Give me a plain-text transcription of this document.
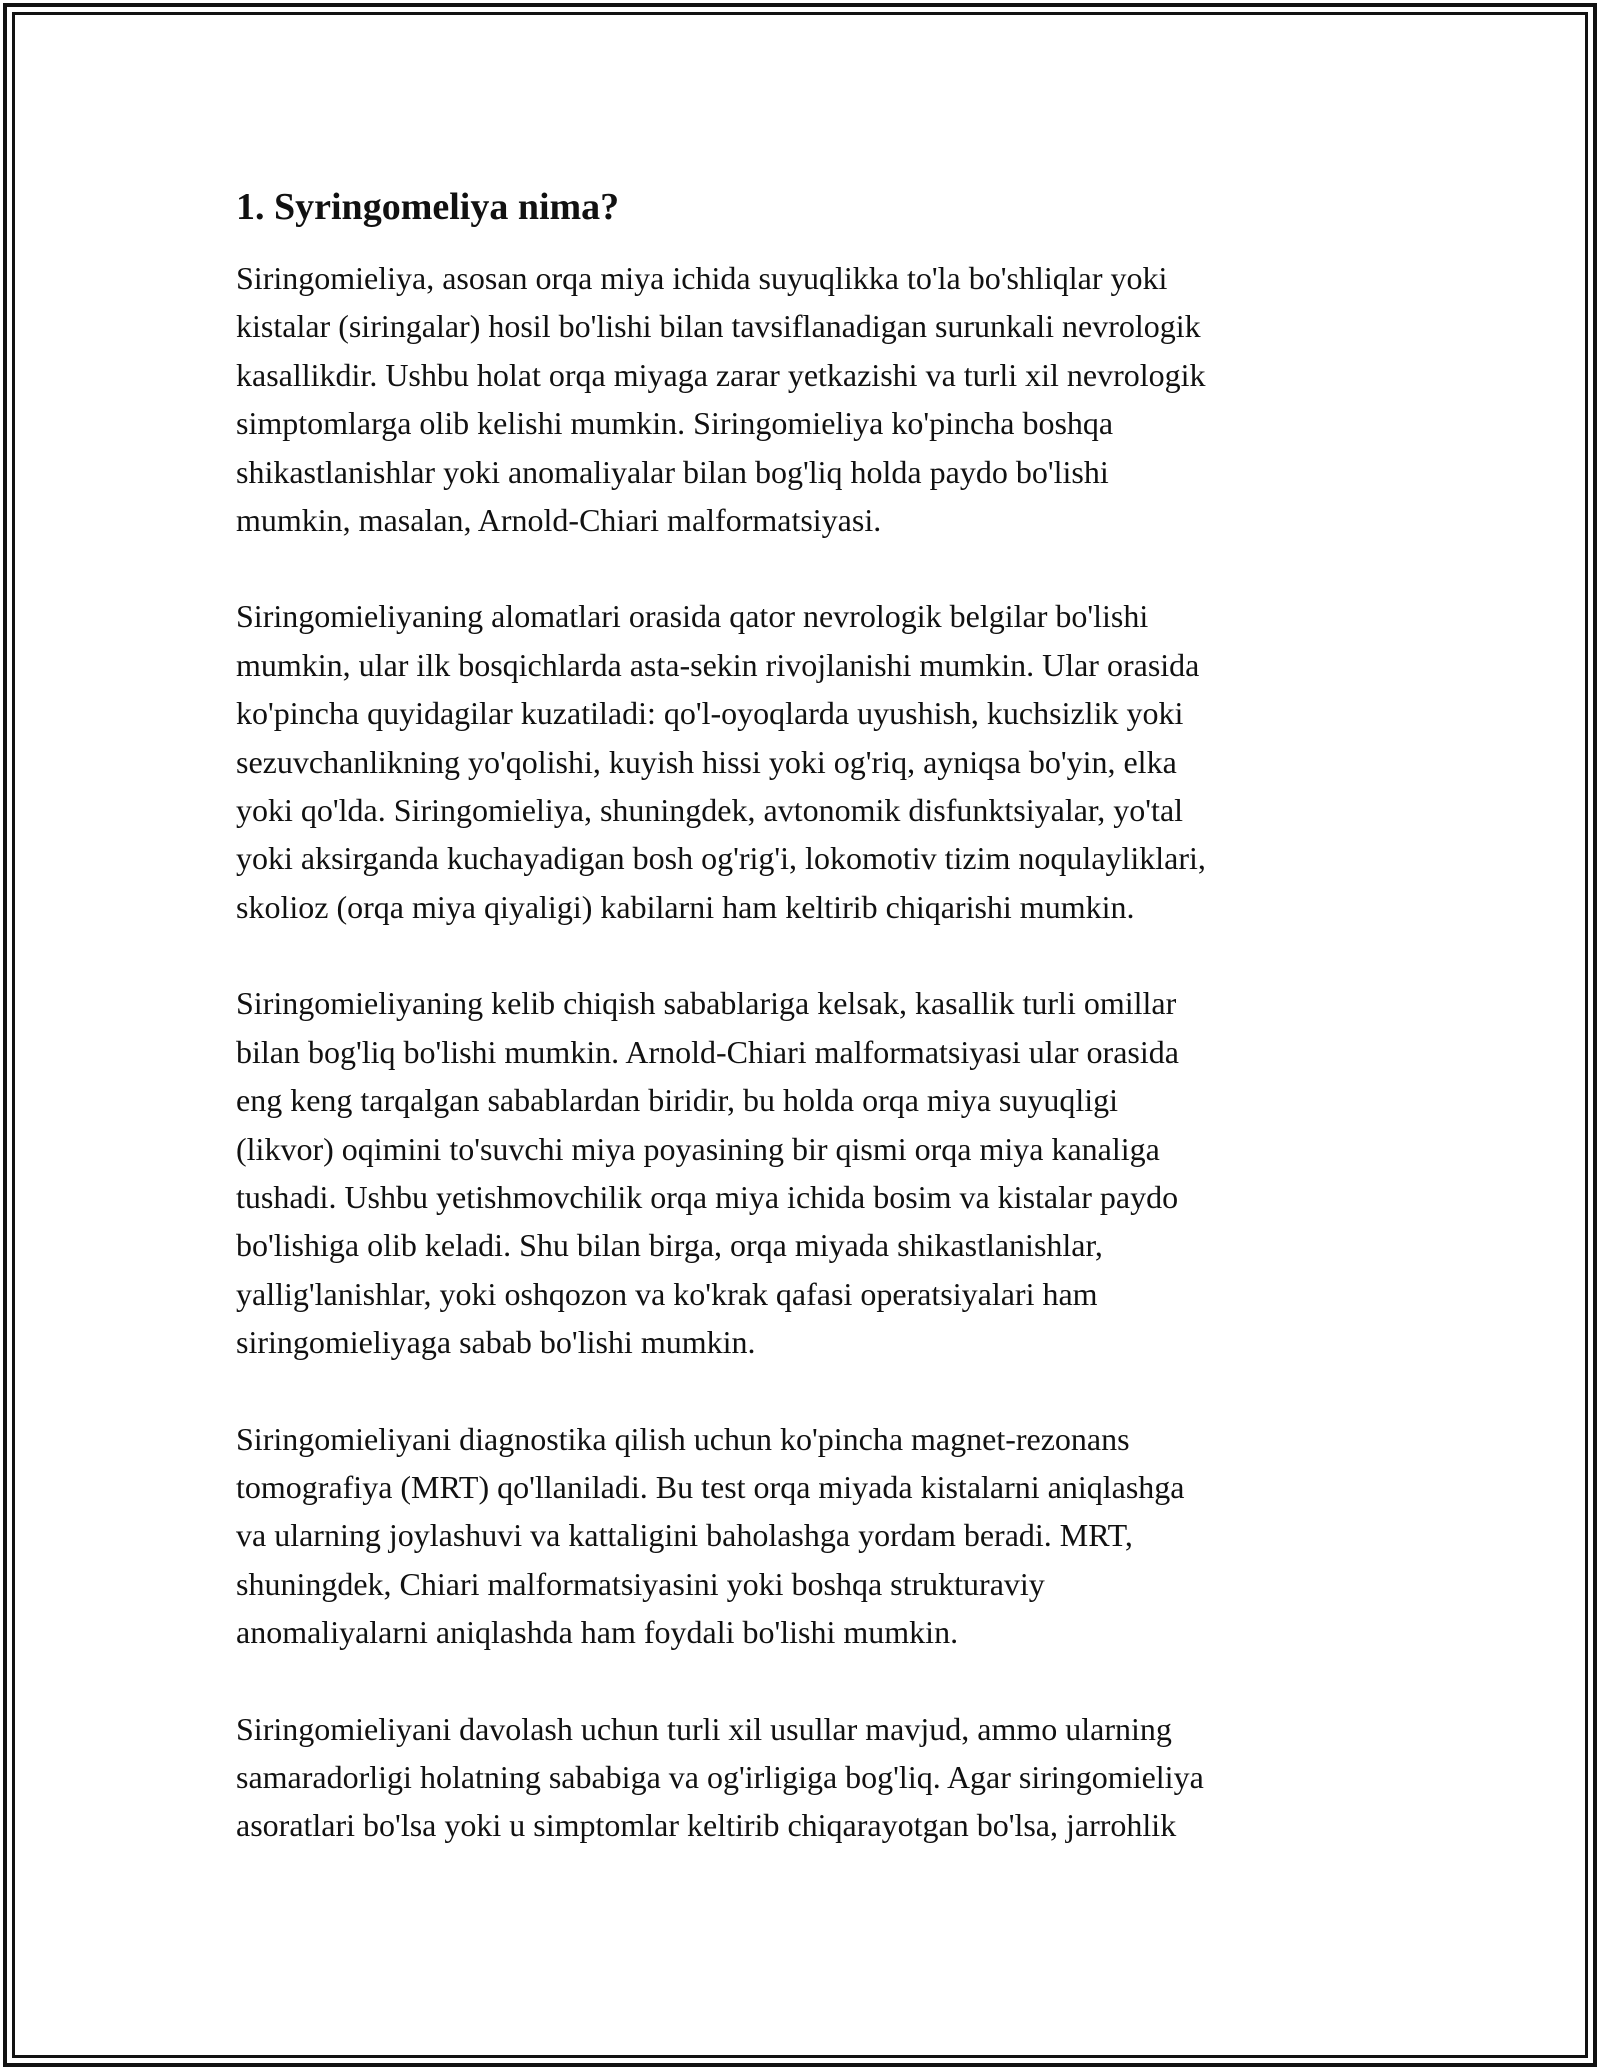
1. Syringomeliya nima?

Siringomieliya, asosan orqa miya ichida suyuqlikka to'la bo'shliqlar yoki
kistalar (siringalar) hosil bo'lishi bilan tavsiflanadigan surunkali nevrologik
kasallikdir. Ushbu holat orqa miyaga zarar yetkazishi va turli xil nevrologik
simptomlarga olib kelishi mumkin. Siringomieliya ko'pincha boshqa
shikastlanishlar yoki anomaliyalar bilan bog'liq holda paydo bo'lishi
mumkin, masalan, Arnold-Chiari malformatsiyasi.

Siringomieliyaning alomatlari orasida qator nevrologik belgilar bo'lishi
mumkin, ular ilk bosqichlarda asta-sekin rivojlanishi mumkin. Ular orasida
ko'pincha quyidagilar kuzatiladi: qo'l-oyoqlarda uyushish, kuchsizlik yoki
sezuvchanlikning yo'qolishi, kuyish hissi yoki og'riq, ayniqsa bo'yin, elka
yoki qo'lda. Siringomieliya, shuningdek, avtonomik disfunktsiyalar, yo'tal
yoki aksirganda kuchayadigan bosh og'rig'i, lokomotiv tizim noqulayliklari,
skolioz (orqa miya qiyaligi) kabilarni ham keltirib chiqarishi mumkin.

Siringomieliyaning kelib chiqish sabablariga kelsak, kasallik turli omillar
bilan bog'liq bo'lishi mumkin. Arnold-Chiari malformatsiyasi ular orasida
eng keng tarqalgan sabablardan biridir, bu holda orqa miya suyuqligi
(likvor) oqimini to'suvchi miya poyasining bir qismi orqa miya kanaliga
tushadi. Ushbu yetishmovchilik orqa miya ichida bosim va kistalar paydo
bo'lishiga olib keladi. Shu bilan birga, orqa miyada shikastlanishlar,
yallig'lanishlar, yoki oshqozon va ko'krak qafasi operatsiyalari ham
siringomieliyaga sabab bo'lishi mumkin.

Siringomieliyani diagnostika qilish uchun ko'pincha magnet-rezonans
tomografiya (MRT) qo'llaniladi. Bu test orqa miyada kistalarni aniqlashga
va ularning joylashuvi va kattaligini baholashga yordam beradi. MRT,
shuningdek, Chiari malformatsiyasini yoki boshqa strukturaviy
anomaliyalarni aniqlashda ham foydali bo'lishi mumkin.

Siringomieliyani davolash uchun turli xil usullar mavjud, ammo ularning
samaradorligi holatning sababiga va og'irligiga bog'liq. Agar siringomieliya
asoratlari bo'lsa yoki u simptomlar keltirib chiqarayotgan bo'lsa, jarrohlik
